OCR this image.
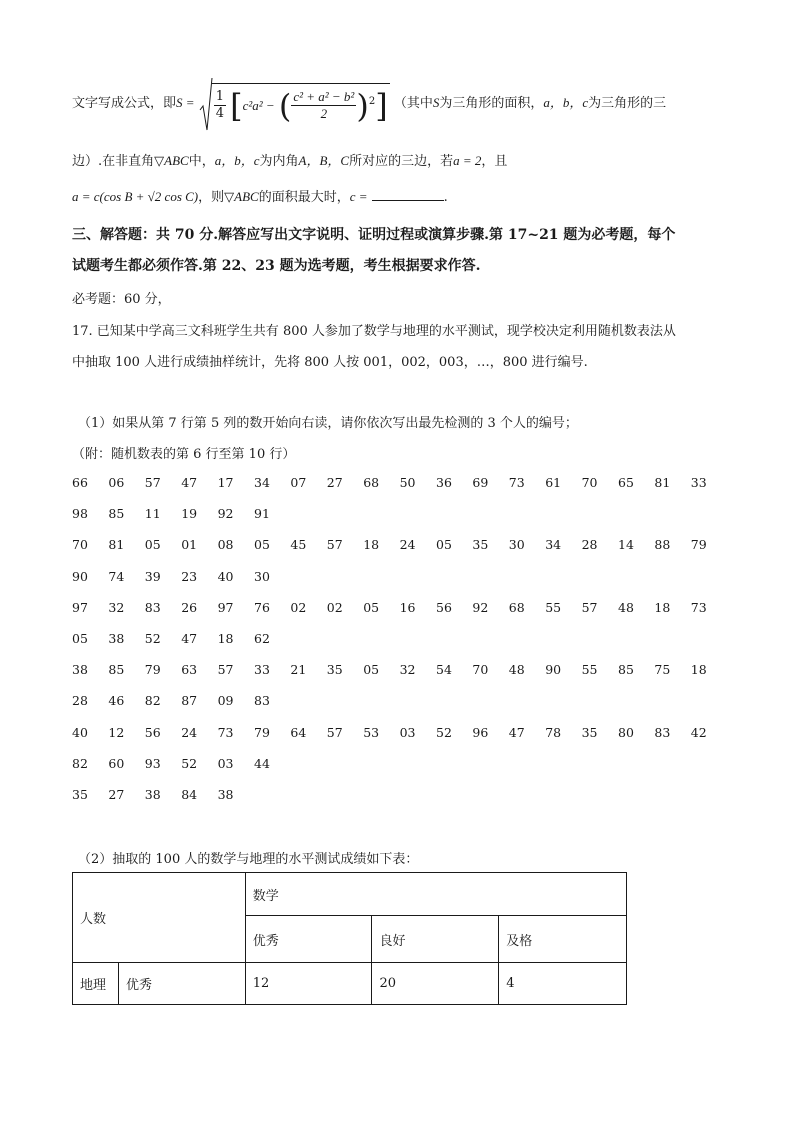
文字写成公式，即$S = \frac{1}{4} [c^2a^2$ − ( $\frac{\text{c² + a² − b²}}{2} )^2$] （其中S为三角形的面积，a，b，c为三角形的三
边）.在非直角▽ABC中，a，b，c为内角A，B，C所对应的三边，若a = 2，且
a = c(cos B + √2 cos C)，则▽ABC的面积最大时，c =	.
三、解答题：共 70 分.解答应写出文字说明、证明过程或演算步骤.第 17~21 题为必考题，每个
试题考生都必须作答.第 22、23 题为选考题，考生根据要求作答.
必考题：60 分，
17. 已知某中学高三文科班学生共有 800 人参加了数学与地理的水平测试，现学校决定利用随机数表法从
中抽取 100 人进行成绩抽样统计，先将 800 人按 001，002，003，…，800 进行编号.
（1）如果从第 7 行第 5 列的数开始向右读，请你依次写出最先检测的 3 个人的编号；
（附：随机数表的第 6 行至第 10 行）
66	06	57	47	17	34	07	27	68	50	36	69	73	61	70	65	81	33
98	85	11	19	92	91
70	81	05	01	08	05	45	57	18	24	05	35	30	34	28	14	88	79
90	74	39	23	40	30
97	32	83	26	97	76	02	02	05	16	56	92	68	55	57	48	18	73
05	38	52	47	18	62
38	85	79	63	57	33	21	35	05	32	54	70	48	90	55	85	75	18
28	46	82	87	09	83
40	12	56	24	73	79	64	57	53	03	52	96	47	78	35	80	83	42
82	60	93	52	03	44
35	27	38	84	38
（2）抽取的 100 人的数学与地理的水平测试成绩如下表：
人数		数学		
		优秀	良好	及格
地理	优秀	12	20	4
